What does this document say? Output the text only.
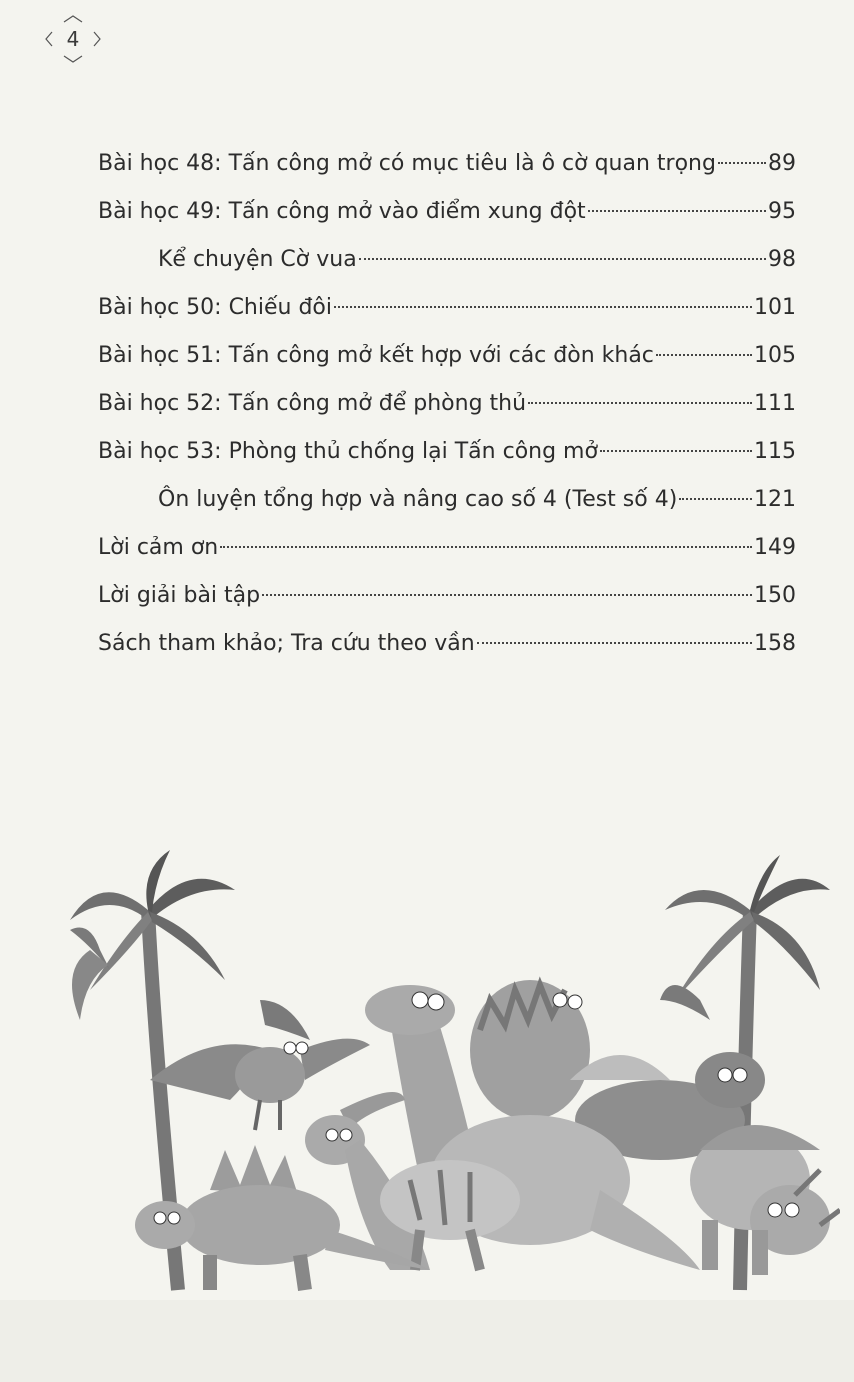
4
Bài học 48: Tấn công mở có mục tiêu là ô cờ quan trọng 89
Bài học 49: Tấn công mở vào điểm xung đột	95
Kể chuyện Cờ vua	98
Bài học 50: Chiếu đôi	101
Bài học 51: Tấn công mở kết hợp với các đòn khác	105
Bài học 52: Tấn công mở để phòng thủ	111
Bài học 53: Phòng thủ chống lại Tấn công mở	115
Ôn luyện tổng hợp và nâng cao số 4 (Test số 4)	121
Lời cảm ơn	149
Lời giải bài tập	150
Sách tham khảo; Tra cứu theo vần	158
